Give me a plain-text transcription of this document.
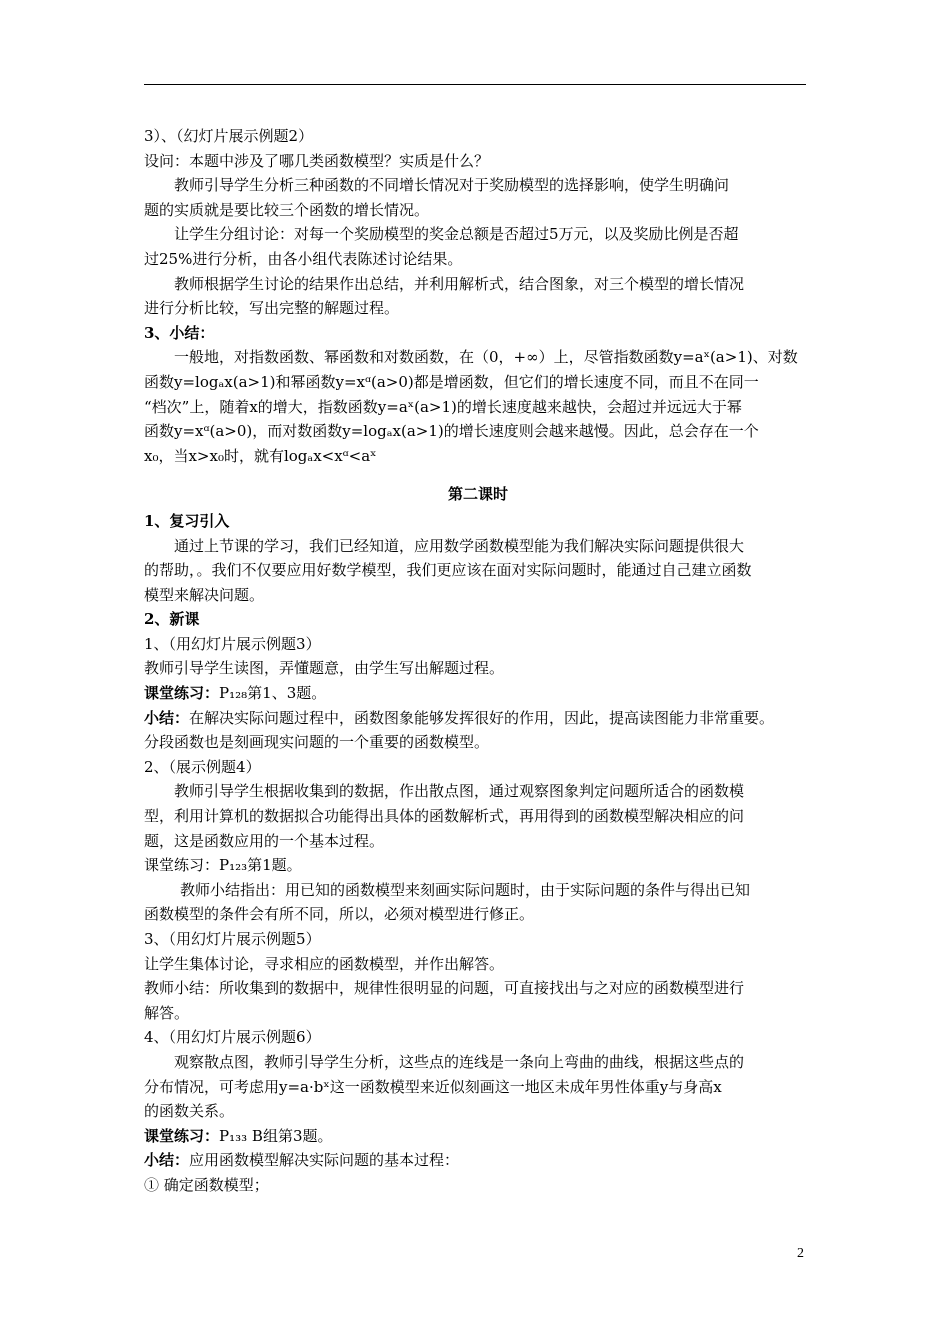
3）、（幻灯片展示例题2）

设问：本题中涉及了哪几类函数模型？实质是什么？

教师引导学生分析三种函数的不同增长情况对于奖励模型的选择影响，使学生明确问

题的实质就是要比较三个函数的增长情况。

让学生分组讨论：对每一个奖励模型的奖金总额是否超过5万元，以及奖励比例是否超

过25%进行分析，由各小组代表陈述讨论结果。

教师根据学生讨论的结果作出总结，并利用解析式，结合图象，对三个模型的增长情况

进行分析比较，写出完整的解题过程。

3、小结：

一般地，对指数函数、幂函数和对数函数，在（0，+∞）上，尽管指数函数y=aˣ(a>1)、对数

函数y=logₐx(a>1)和幂函数y=xᵅ(a>0)都是增函数，但它们的增长速度不同，而且不在同一

“档次”上，随着x的增大，指数函数y=aˣ(a>1)的增长速度越来越快，会超过并远远大于幂

函数y=xᵅ(a>0)，而对数函数y=logₐx(a>1)的增长速度则会越来越慢。因此，总会存在一个

x₀，当x>x₀时，就有logₐx<xᵅ<aˣ

第二课时

1、复习引入

通过上节课的学习，我们已经知道，应用数学函数模型能为我们解决实际问题提供很大

的帮助，。我们不仅要应用好数学模型，我们更应该在面对实际问题时，能通过自己建立函数

模型来解决问题。

2、新课

1、（用幻灯片展示例题3）

教师引导学生读图，弄懂题意，由学生写出解题过程。

课堂练习：P₁₂₈第1、3题。

小结：在解决实际问题过程中，函数图象能够发挥很好的作用，因此，提高读图能力非常重要。

分段函数也是刻画现实问题的一个重要的函数模型。

2、（展示例题4）

教师引导学生根据收集到的数据，作出散点图，通过观察图象判定问题所适合的函数模

型，利用计算机的数据拟合功能得出具体的函数解析式，再用得到的函数模型解决相应的问

题，这是函数应用的一个基本过程。

课堂练习：P₁₂₃第1题。

教师小结指出：用已知的函数模型来刻画实际问题时，由于实际问题的条件与得出已知

函数模型的条件会有所不同，所以，必须对模型进行修正。

3、（用幻灯片展示例题5）

让学生集体讨论，寻求相应的函数模型，并作出解答。

教师小结：所收集到的数据中，规律性很明显的问题，可直接找出与之对应的函数模型进行

解答。

4、（用幻灯片展示例题6）

观察散点图，教师引导学生分析，这些点的连线是一条向上弯曲的曲线，根据这些点的

分布情况，可考虑用y=a·bˣ这一函数模型来近似刻画这一地区未成年男性体重y与身高x

的函数关系。

课堂练习：P₁₃₃ B组第3题。

小结：应用函数模型解决实际问题的基本过程：

① 确定函数模型；

2
